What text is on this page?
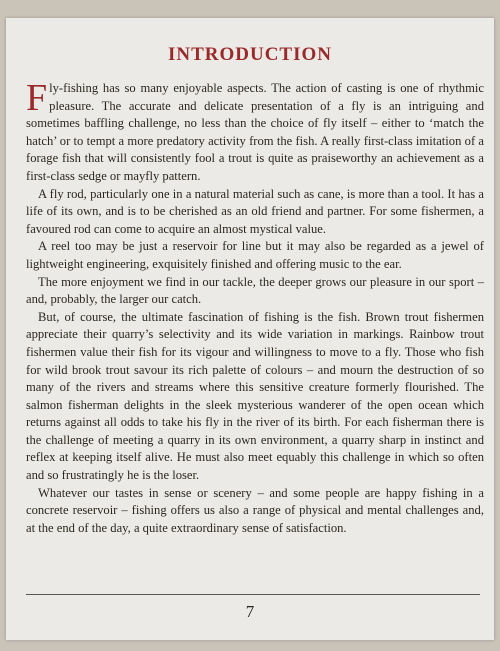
INTRODUCTION

Fly-fishing has so many enjoyable aspects. The action of casting is one of rhythmic pleasure. The accurate and delicate presentation of a fly is an intriguing and sometimes baffling challenge, no less than the choice of fly itself – either to ‘match the hatch’ or to tempt a more predatory activity from the fish. A really first-class imitation of a forage fish that will consistently fool a trout is quite as praiseworthy an achievement as a first-class sedge or mayfly pattern.

A fly rod, particularly one in a natural material such as cane, is more than a tool. It has a life of its own, and is to be cherished as an old friend and partner. For some fishermen, a favoured rod can come to acquire an almost mystical value.

A reel too may be just a reservoir for line but it may also be regarded as a jewel of lightweight engineering, exquisitely finished and offering music to the ear.

The more enjoyment we find in our tackle, the deeper grows our pleasure in our sport – and, probably, the larger our catch.

But, of course, the ultimate fascination of fishing is the fish. Brown trout fishermen appreciate their quarry’s selectivity and its wide variation in markings. Rainbow trout fishermen value their fish for its vigour and willingness to move to a fly. Those who fish for wild brook trout savour its rich palette of colours – and mourn the destruction of so many of the rivers and streams where this sensitive creature formerly flourished. The salmon fisherman delights in the sleek mysterious wanderer of the open ocean which returns against all odds to take his fly in the river of its birth. For each fisherman there is the challenge of meeting a quarry in its own environment, a quarry sharp in instinct and reflex at keeping itself alive. He must also meet equably this challenge in which so often and so frustratingly he is the loser.

Whatever our tastes in sense or scenery – and some people are happy fishing in a concrete reservoir – fishing offers us also a range of physical and mental challenges and, at the end of the day, a quite extraordinary sense of satisfaction.

7
